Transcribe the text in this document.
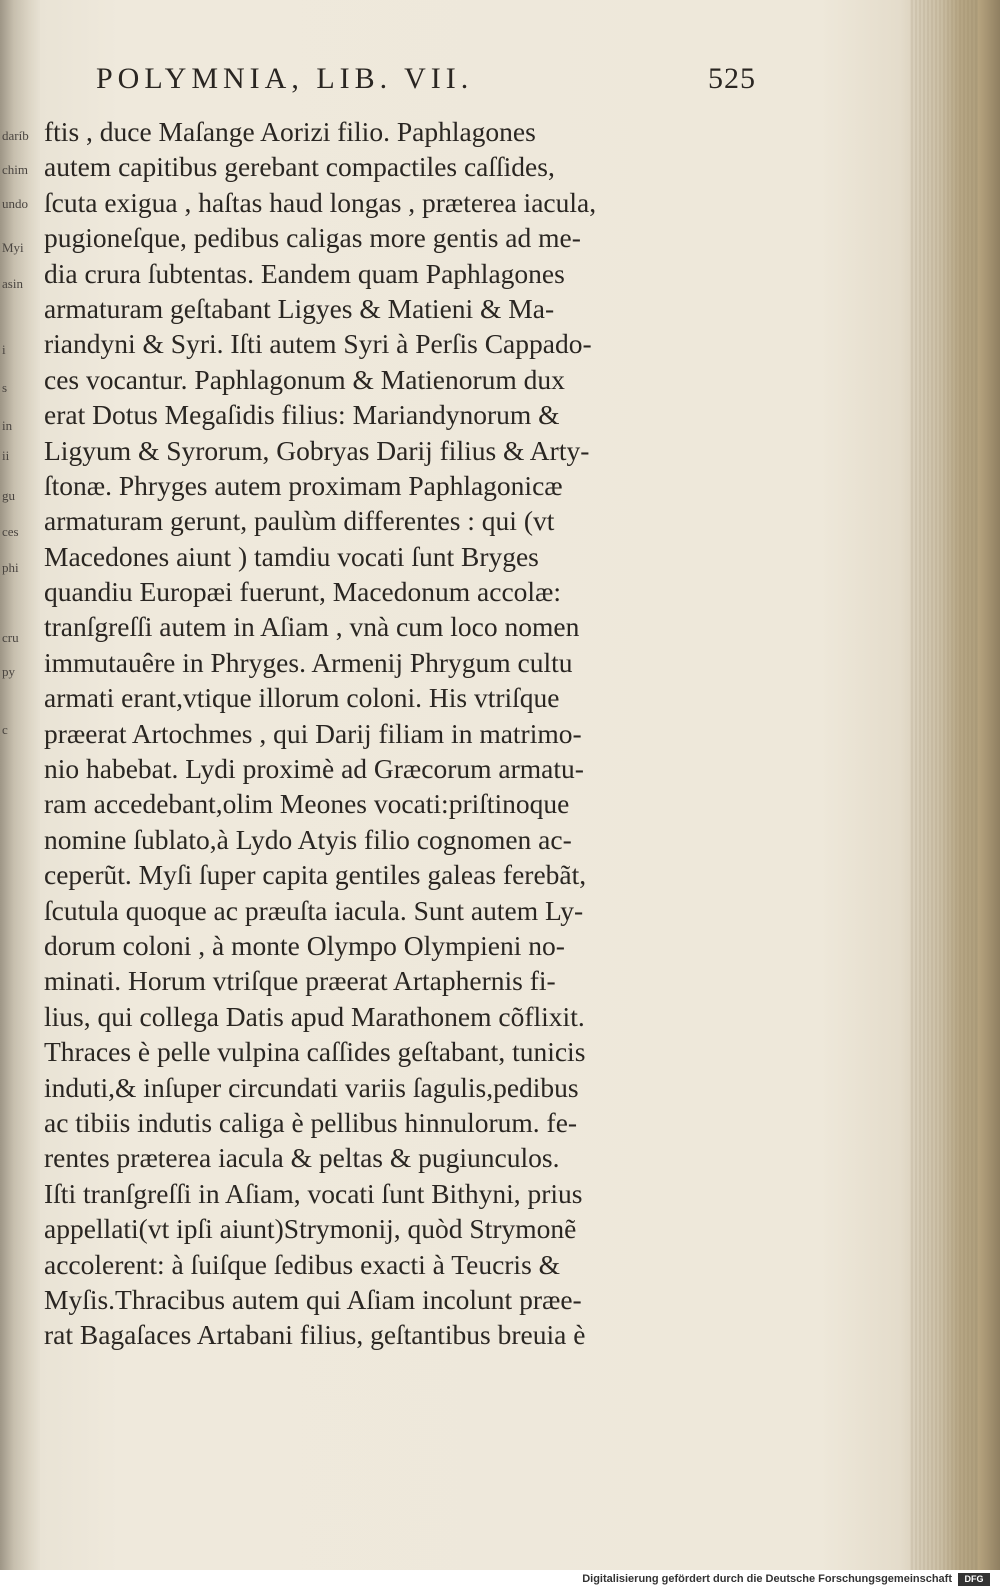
daríb
chim
undo
Myi
asin
i
s
in
ii
gu
ces
phi
cru
py
c
POLYMNIA, LIB. VII.	525
ftis , duce Maſange Aorizi filio. Paphlagones
autem capitibus gerebant compactiles caſſides,
ſcuta exigua , haſtas haud longas , præterea iacula,
pugioneſque, pedibus caligas more gentis ad me-
dia crura ſubtentas. Eandem quam Paphlagones
armaturam geſtabant Ligyes & Matieni & Ma-
riandyni & Syri. Iſti autem Syri à Perſis Cappado-
ces vocantur. Paphlagonum & Matienorum dux
erat Dotus Megaſidis filius: Mariandynorum &
Ligyum & Syrorum, Gobryas Darij filius & Arty-
ſtonæ. Phryges autem proximam Paphlagonicæ
armaturam gerunt, paulùm differentes : qui (vt
Macedones aiunt ) tamdiu vocati ſunt Bryges
quandiu Europæi fuerunt, Macedonum accolæ:
tranſgreſſi autem in Aſiam , vnà cum loco nomen
immutauêre in Phryges. Armenij Phrygum cultu
armati erant,vtique illorum coloni. His vtriſque
præerat Artochmes , qui Darij filiam in matrimo-
nio habebat. Lydi proximè ad Græcorum armatu-
ram accedebant,olim Meones vocati:priſtinoque
nomine ſublato,à Lydo Atyis filio cognomen ac-
ceperũt. Myſi ſuper capita gentiles galeas ferebãt,
ſcutula quoque ac præuſta iacula. Sunt autem Ly-
dorum coloni , à monte Olympo Olympieni no-
minati. Horum vtriſque præerat Artaphernis fi-
lius, qui collega Datis apud Marathonem cõflixit.
Thraces è pelle vulpina caſſides geſtabant, tunicis
induti,& inſuper circundati variis ſagulis,pedibus
ac tibiis indutis caliga è pellibus hinnulorum. fe-
rentes præterea iacula & peltas & pugiunculos.
Iſti tranſgreſſi in Aſiam, vocati ſunt Bithyni, prius
appellati(vt ipſi aiunt)Strymonij, quòd Strymonẽ
accolerent: à ſuiſque ſedibus exacti à Teucris &
Myſis.Thracibus autem qui Aſiam incolunt præe-
rat Bagaſaces Artabani filius, geſtantibus breuia è
Digitalisierung gefördert durch die Deutsche Forschungsgemeinschaft	DFG
